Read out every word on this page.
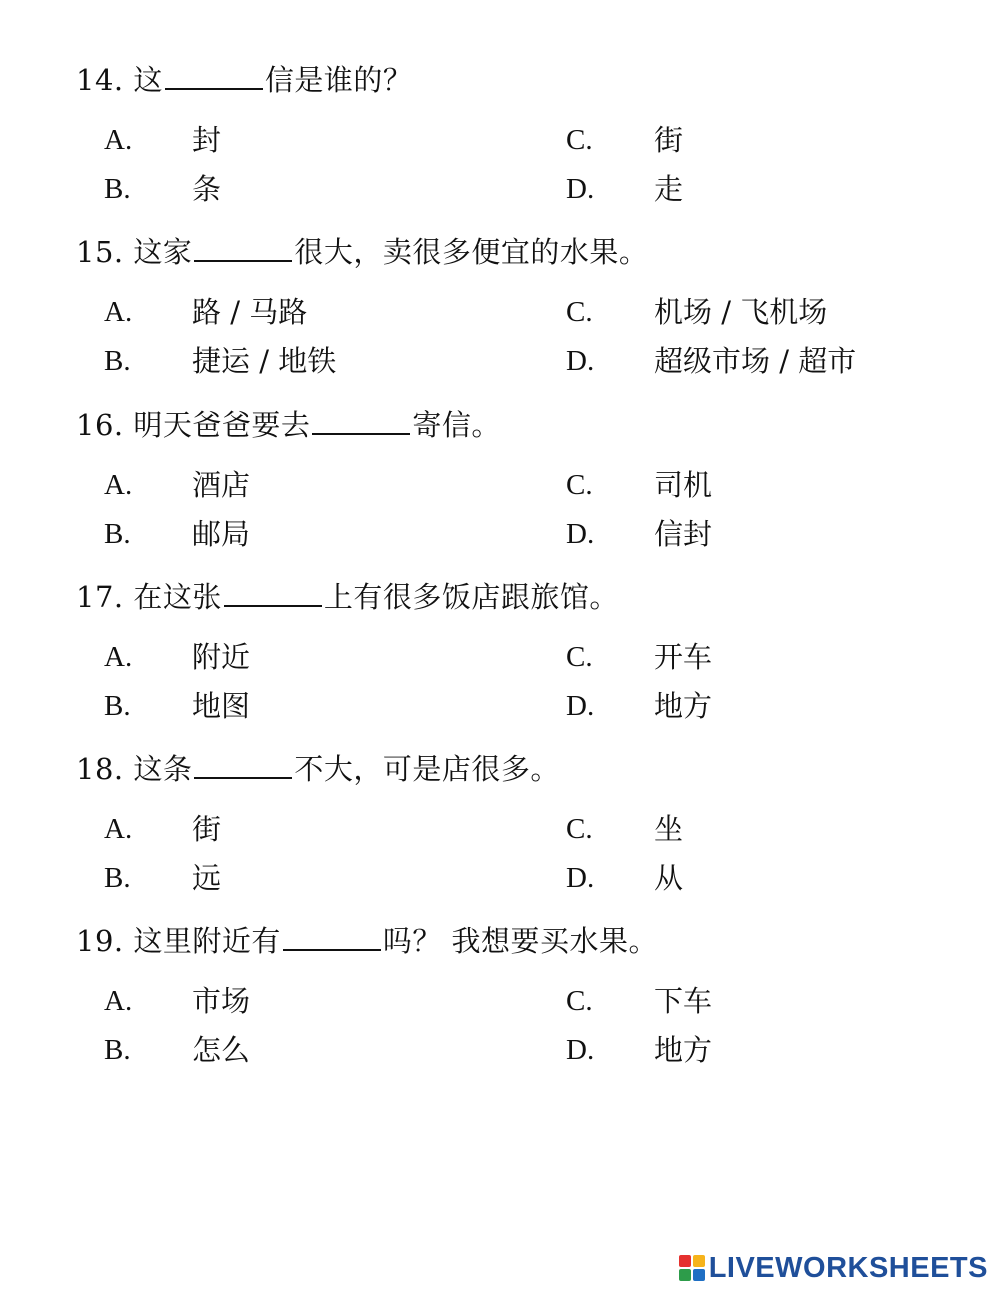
14. 这	信是谁的？
A. 封
B. 条
C. 街
D. 走
15. 这家	很大，卖很多便宜的水果。
A. 路 / 马路
B. 捷运 / 地铁
C. 机场 / 飞机场
D. 超级市场 / 超市
16. 明天爸爸要去	寄信。
A. 酒店
B. 邮局
C. 司机
D. 信封
17. 在这张	上有很多饭店跟旅馆。
A. 附近
B. 地图
C. 开车
D. 地方
18. 这条	不大，可是店很多。
A. 街
B. 远
C. 坐
D. 从
19. 这里附近有	吗？ 我想要买水果。
A. 市场
B. 怎么
C. 下车
D. 地方
LIVEWORKSHEETS
